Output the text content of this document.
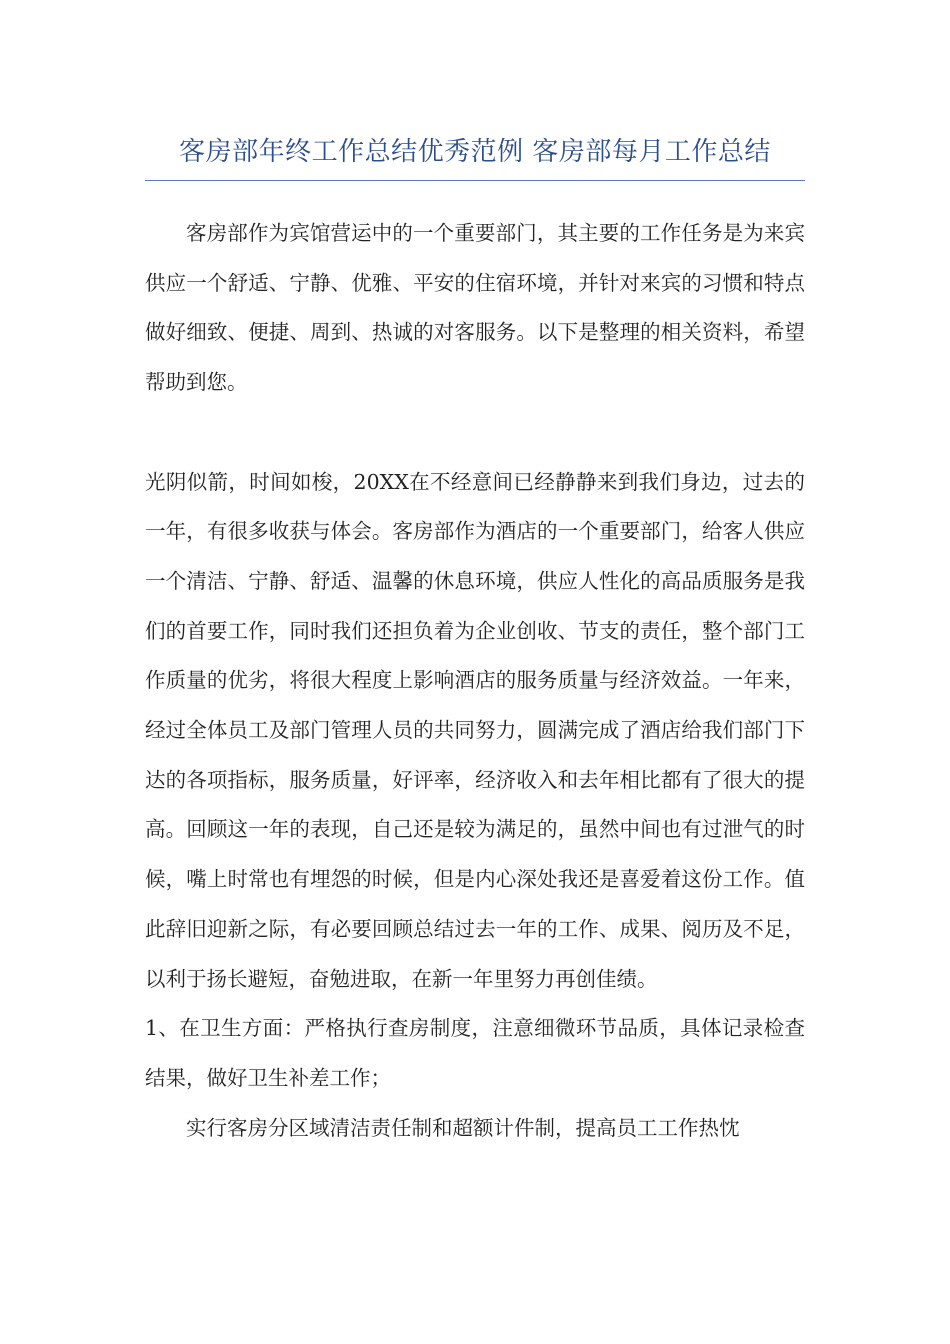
客房部年终工作总结优秀范例 客房部每月工作总结

客房部作为宾馆营运中的一个重要部门，其主要的工作任务是为来宾供应一个舒适、宁静、优雅、平安的住宿环境，并针对来宾的习惯和特点做好细致、便捷、周到、热诚的对客服务。以下是整理的相关资料，希望帮助到您。

光阴似箭，时间如梭，20XX在不经意间已经静静来到我们身边，过去的一年，有很多收获与体会。客房部作为酒店的一个重要部门，给客人供应一个清洁、宁静、舒适、温馨的休息环境，供应人性化的高品质服务是我们的首要工作，同时我们还担负着为企业创收、节支的责任，整个部门工作质量的优劣，将很大程度上影响酒店的服务质量与经济效益。一年来，经过全体员工及部门管理人员的共同努力，圆满完成了酒店给我们部门下达的各项指标，服务质量，好评率，经济收入和去年相比都有了很大的提高。回顾这一年的表现，自己还是较为满足的，虽然中间也有过泄气的时候，嘴上时常也有埋怨的时候，但是内心深处我还是喜爱着这份工作。值此辞旧迎新之际，有必要回顾总结过去一年的工作、成果、阅历及不足，以利于扬长避短，奋勉进取，在新一年里努力再创佳绩。

1、在卫生方面：严格执行查房制度，注意细微环节品质，具体记录检查结果，做好卫生补差工作；

实行客房分区域清洁责任制和超额计件制，提高员工工作热忱
